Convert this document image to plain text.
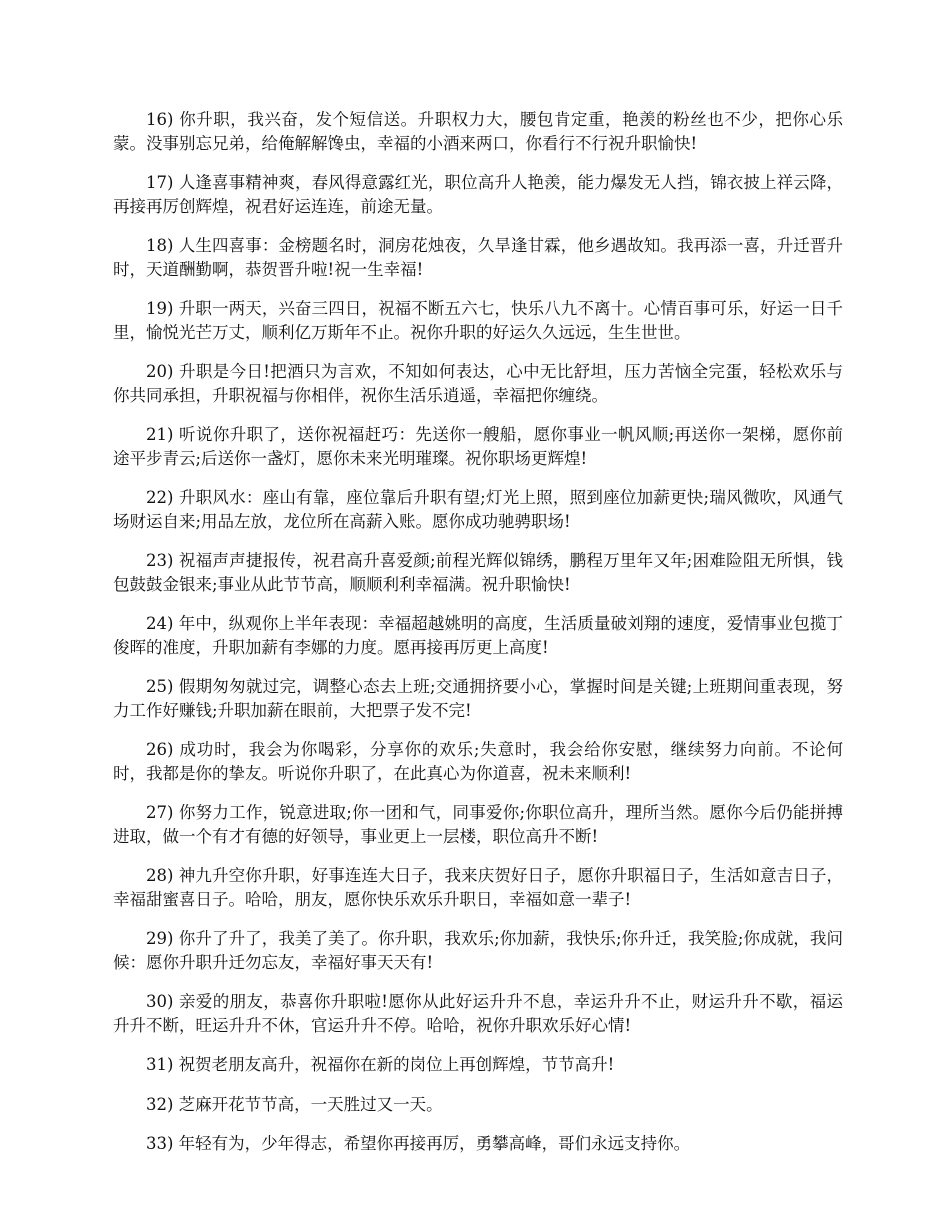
16) 你升职，我兴奋，发个短信送。升职权力大，腰包肯定重，艳羡的粉丝也不少，把你心乐蒙。没事别忘兄弟，给俺解解馋虫，幸福的小酒来两口，你看行不行祝升职愉快!

17) 人逢喜事精神爽，春风得意露红光，职位高升人艳羡，能力爆发无人挡，锦衣披上祥云降，再接再厉创辉煌，祝君好运连连，前途无量。

18) 人生四喜事：金榜题名时，洞房花烛夜，久旱逢甘霖，他乡遇故知。我再添一喜，升迁晋升时，天道酬勤啊，恭贺晋升啦!祝一生幸福!

19) 升职一两天，兴奋三四日，祝福不断五六七，快乐八九不离十。心情百事可乐，好运一日千里，愉悦光芒万丈，顺利亿万斯年不止。祝你升职的好运久久远远，生生世世。

20) 升职是今日!把酒只为言欢，不知如何表达，心中无比舒坦，压力苦恼全完蛋，轻松欢乐与你共同承担，升职祝福与你相伴，祝你生活乐逍遥，幸福把你缠绕。

21) 听说你升职了，送你祝福赶巧：先送你一艘船，愿你事业一帆风顺;再送你一架梯，愿你前途平步青云;后送你一盏灯，愿你未来光明璀璨。祝你职场更辉煌!

22) 升职风水：座山有靠，座位靠后升职有望;灯光上照，照到座位加薪更快;瑞风微吹，风通气场财运自来;用品左放，龙位所在高薪入账。愿你成功驰骋职场!

23) 祝福声声捷报传，祝君高升喜爱颜;前程光辉似锦绣，鹏程万里年又年;困难险阻无所惧，钱包鼓鼓金银来;事业从此节节高，顺顺利利幸福满。祝升职愉快!

24) 年中，纵观你上半年表现：幸福超越姚明的高度，生活质量破刘翔的速度，爱情事业包揽丁俊晖的准度，升职加薪有李娜的力度。愿再接再厉更上高度!

25) 假期匆匆就过完，调整心态去上班;交通拥挤要小心，掌握时间是关键;上班期间重表现，努力工作好赚钱;升职加薪在眼前，大把票子发不完!

26) 成功时，我会为你喝彩，分享你的欢乐;失意时，我会给你安慰，继续努力向前。不论何时，我都是你的挚友。听说你升职了，在此真心为你道喜，祝未来顺利!

27) 你努力工作，锐意进取;你一团和气，同事爱你;你职位高升，理所当然。愿你今后仍能拼搏进取，做一个有才有德的好领导，事业更上一层楼，职位高升不断!

28) 神九升空你升职，好事连连大日子，我来庆贺好日子，愿你升职福日子，生活如意吉日子，幸福甜蜜喜日子。哈哈，朋友，愿你快乐欢乐升职日，幸福如意一辈子!

29) 你升了升了，我美了美了。你升职，我欢乐;你加薪，我快乐;你升迁，我笑脸;你成就，我问候：愿你升职升迁勿忘友，幸福好事天天有!

30) 亲爱的朋友，恭喜你升职啦!愿你从此好运升升不息，幸运升升不止，财运升升不歇，福运升升不断，旺运升升不休，官运升升不停。哈哈，祝你升职欢乐好心情!

31) 祝贺老朋友高升，祝福你在新的岗位上再创辉煌，节节高升!

32) 芝麻开花节节高，一天胜过又一天。

33) 年轻有为，少年得志，希望你再接再厉，勇攀高峰，哥们永远支持你。
